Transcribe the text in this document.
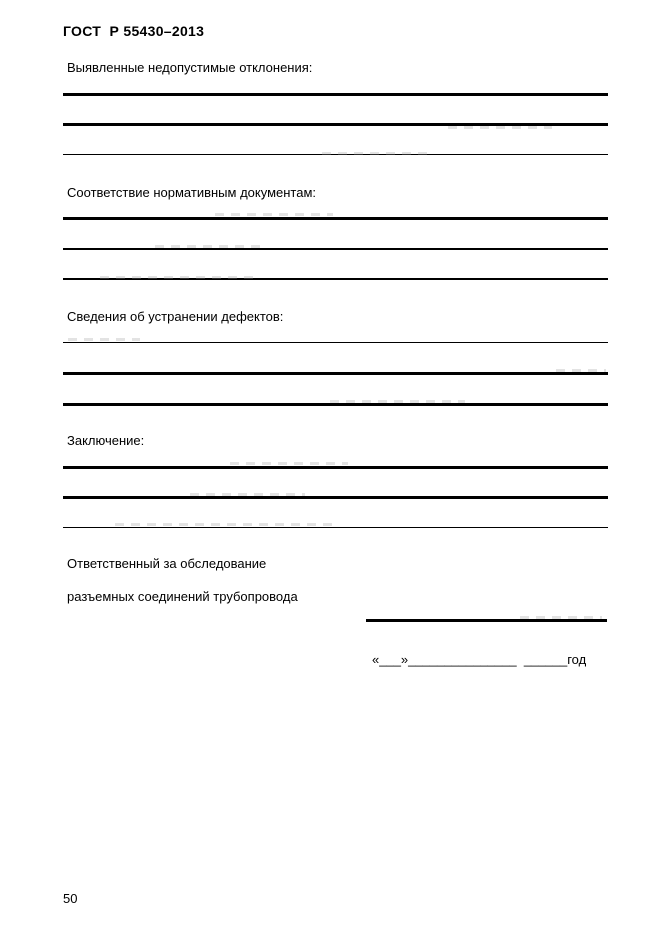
ГОСТ  Р 55430–2013
Выявленные недопустимые отклонения:
Соответствие нормативным документам:
Сведения об устранении дефектов:
Заключение:
Ответственный за обследование
разъемных соединений трубопровода
«___»_______________  ______год
50
